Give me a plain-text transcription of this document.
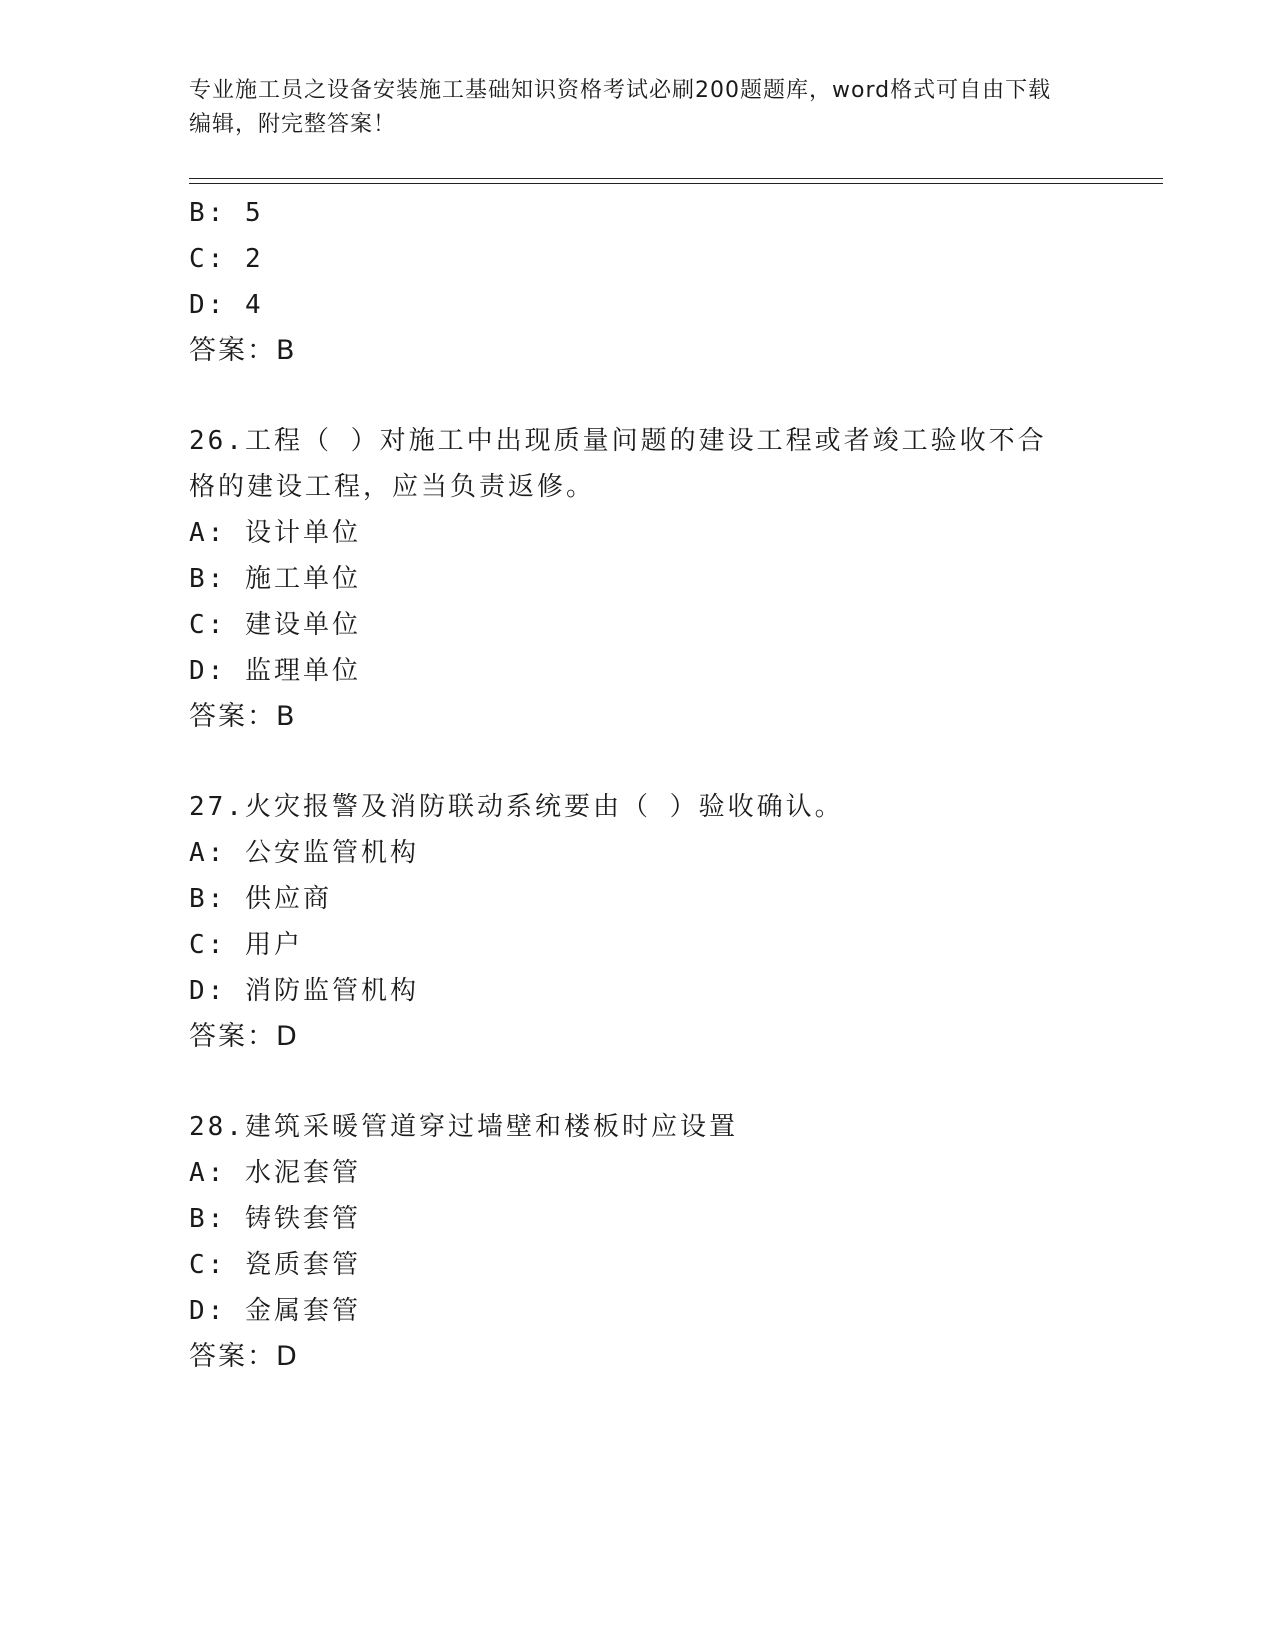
专业施工员之设备安装施工基础知识资格考试必刷200题题库，word格式可自由下载编辑，附完整答案！
B: 5
C: 2
D: 4
答案：B
26.工程（ ）对施工中出现质量问题的建设工程或者竣工验收不合格的建设工程，应当负责返修。
A: 设计单位
B: 施工单位
C: 建设单位
D: 监理单位
答案：B
27.火灾报警及消防联动系统要由（ ）验收确认。
A: 公安监管机构
B: 供应商
C: 用户
D: 消防监管机构
答案：D
28.建筑采暖管道穿过墙壁和楼板时应设置
A: 水泥套管
B: 铸铁套管
C: 瓷质套管
D: 金属套管
答案：D
